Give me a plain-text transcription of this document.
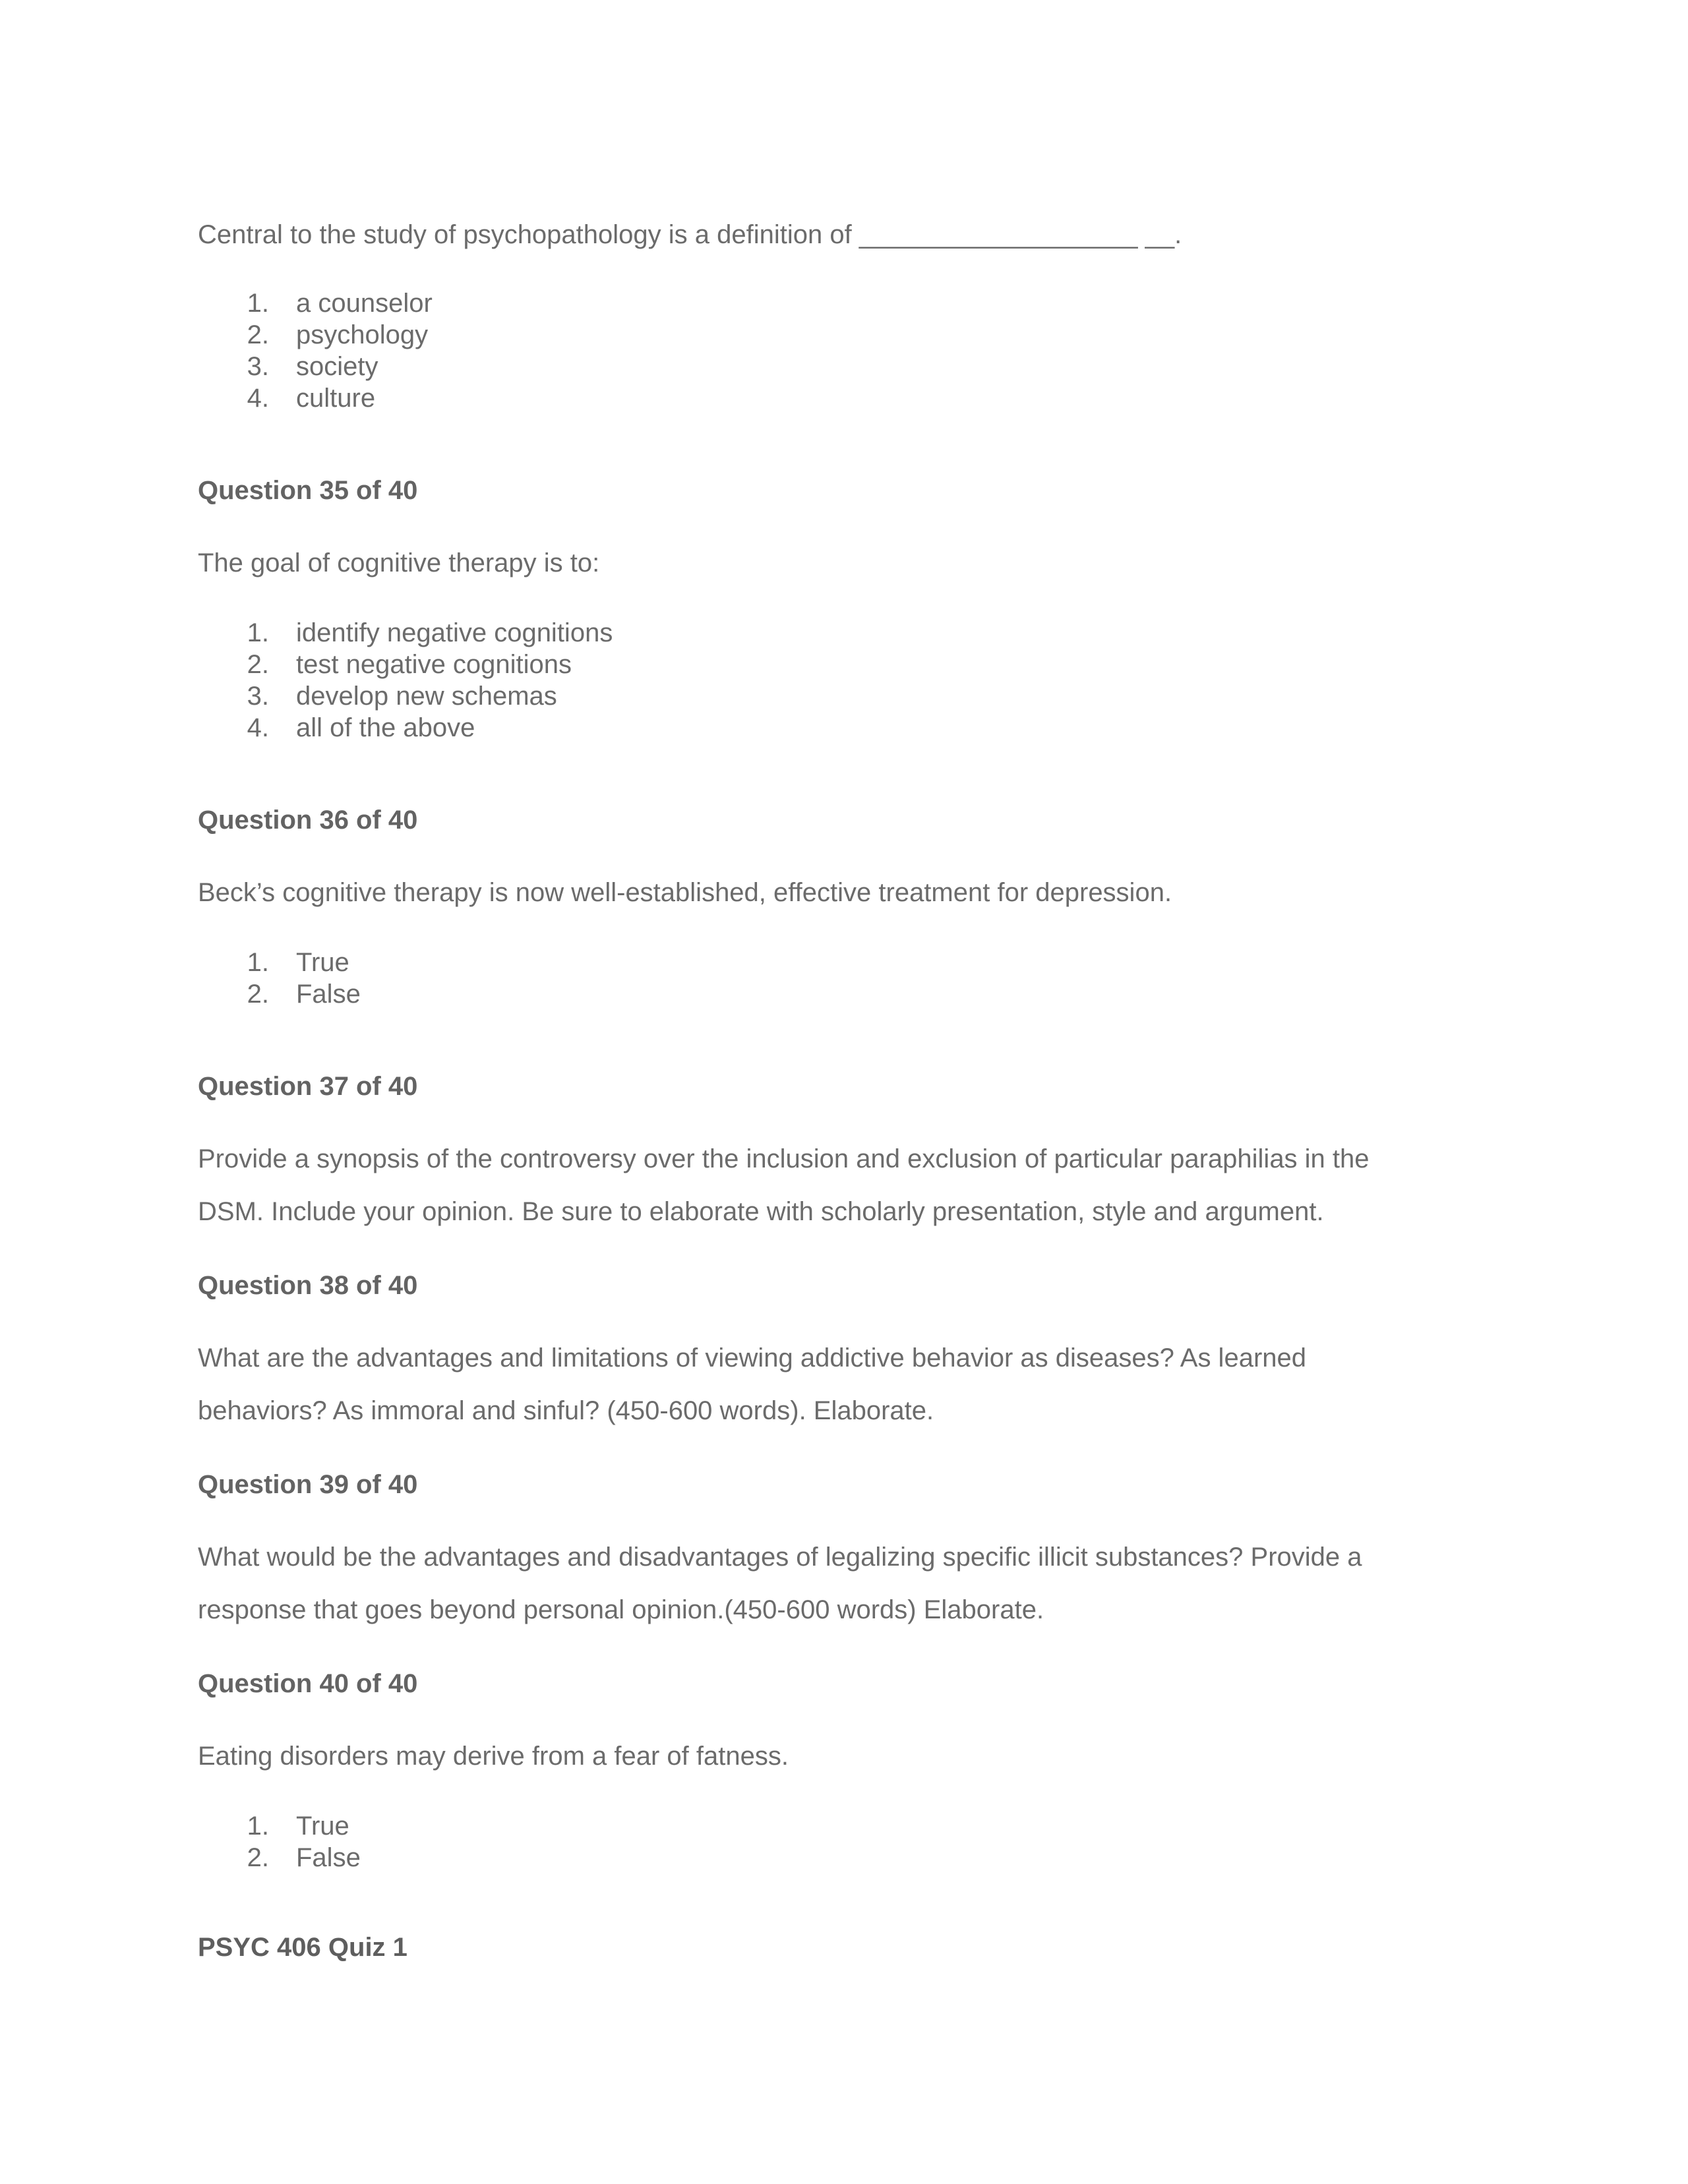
Central to the study of psychopathology is a definition of ___________________ __.

1. a counselor
2. psychology
3. society
4. culture

Question 35 of 40

The goal of cognitive therapy is to:

1. identify negative cognitions
2. test negative cognitions
3. develop new schemas
4. all of the above

Question 36 of 40

Beck’s cognitive therapy is now well-established, effective treatment for depression.

1. True
2. False

Question 37 of 40

Provide a synopsis of the controversy over the inclusion and exclusion of particular paraphilias in the

DSM. Include your opinion. Be sure to elaborate with scholarly presentation, style and argument.

Question 38 of 40

What are the advantages and limitations of viewing addictive behavior as diseases? As learned

behaviors? As immoral and sinful? (450-600 words). Elaborate.

Question 39 of 40

What would be the advantages and disadvantages of legalizing specific illicit substances? Provide a

response that goes beyond personal opinion.(450-600 words) Elaborate.

Question 40 of 40

Eating disorders may derive from a fear of fatness.

1. True
2. False

PSYC 406 Quiz 1
